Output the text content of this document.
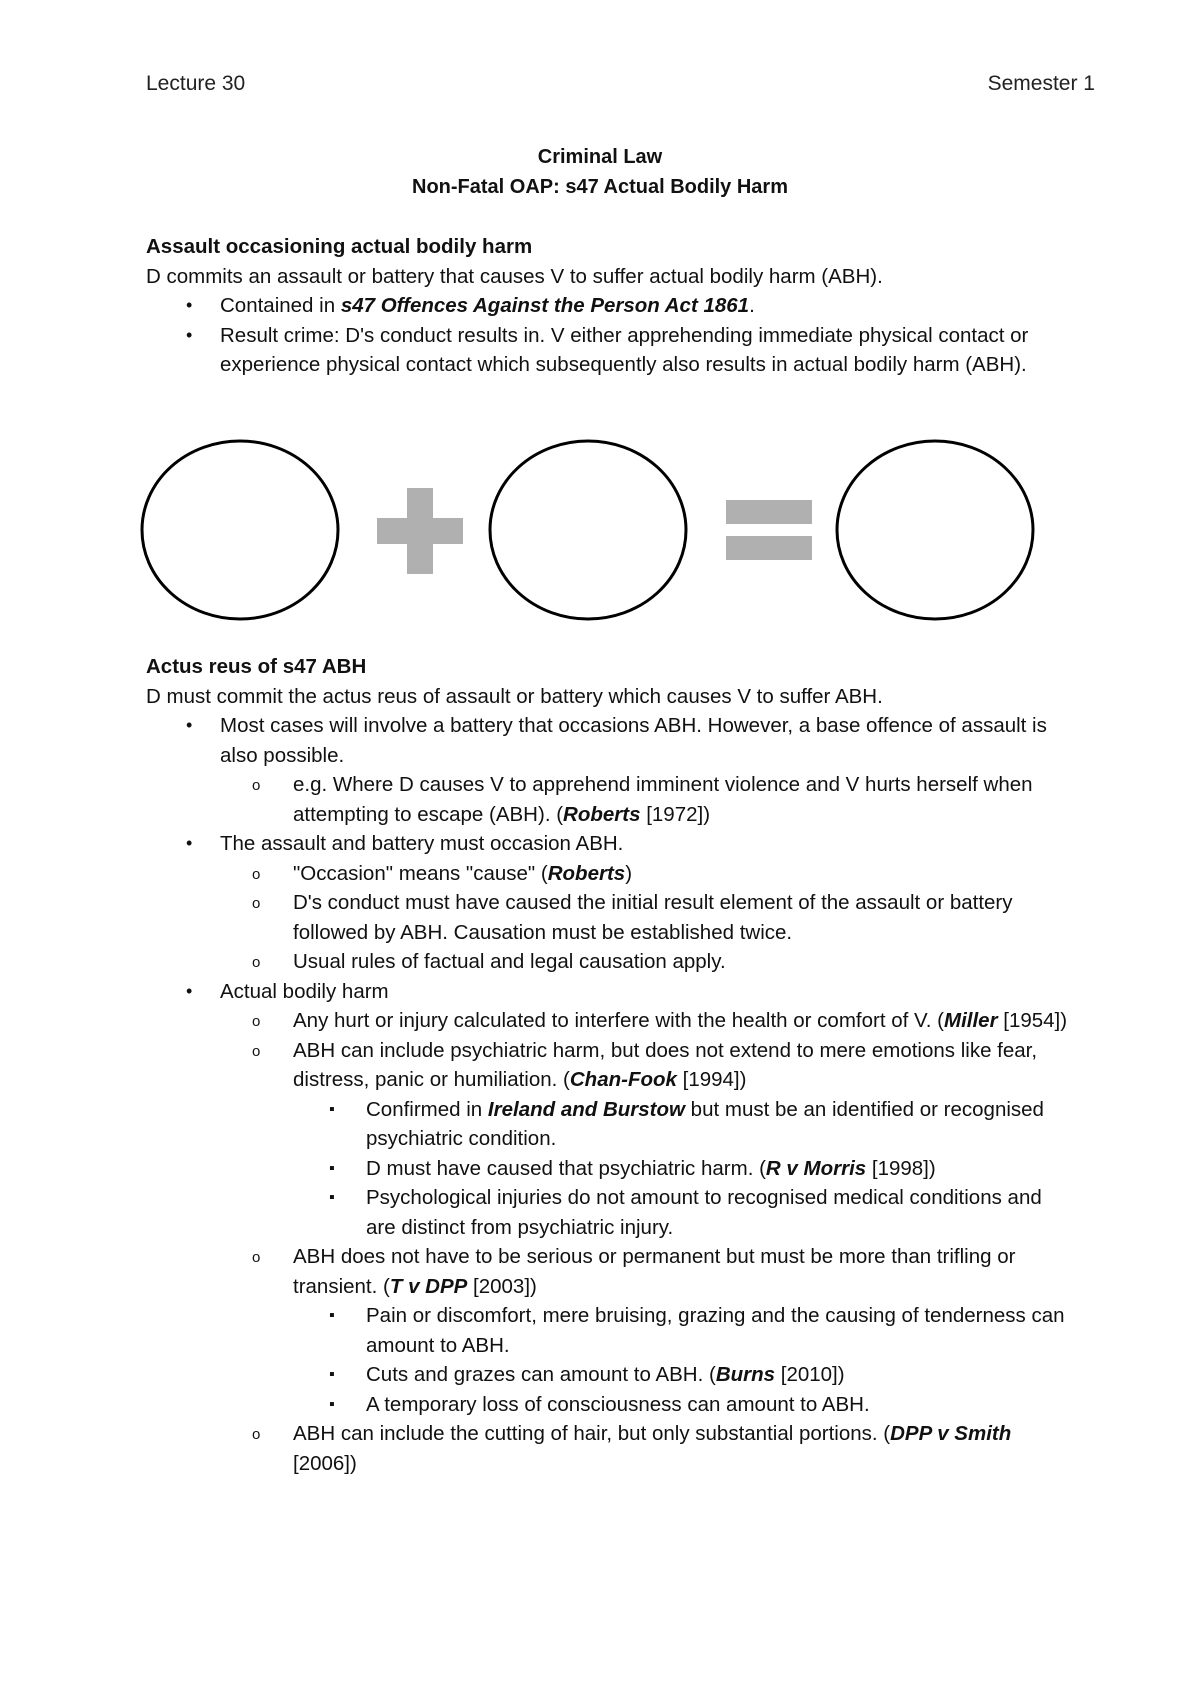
Lecture 30	Semester 1
Criminal Law
Non-Fatal OAP: s47 Actual Bodily Harm

Assault occasioning actual bodily harm

D commits an assault or battery that causes V to suffer actual bodily harm (ABH).

• Contained in s47 Offences Against the Person Act 1861.
• Result crime: D's conduct results in. V either apprehending immediate physical contact or experience physical contact which subsequently also results in actual bodily harm (ABH).

Actus reus of s47 ABH

D must commit the actus reus of assault or battery which causes V to suffer ABH.

• Most cases will involve a battery that occasions ABH. However, a base offence of assault is also possible.
o e.g. Where D causes V to apprehend imminent violence and V hurts herself when attempting to escape (ABH). (Roberts [1972])
• The assault and battery must occasion ABH.
o "Occasion" means "cause" (Roberts)
o D's conduct must have caused the initial result element of the assault or battery followed by ABH. Causation must be established twice.
o Usual rules of factual and legal causation apply.
• Actual bodily harm
o Any hurt or injury calculated to interfere with the health or comfort of V. (Miller [1954])
o ABH can include psychiatric harm, but does not extend to mere emotions like fear, distress, panic or humiliation. (Chan-Fook [1994])
▪ Confirmed in Ireland and Burstow but must be an identified or recognised psychiatric condition.
▪ D must have caused that psychiatric harm. (R v Morris [1998])
▪ Psychological injuries do not amount to recognised medical conditions and are distinct from psychiatric injury.
o ABH does not have to be serious or permanent but must be more than trifling or transient. (T v DPP [2003])
▪ Pain or discomfort, mere bruising, grazing and the causing of tenderness can amount to ABH.
▪ Cuts and grazes can amount to ABH. (Burns [2010])
▪ A temporary loss of consciousness can amount to ABH.
o ABH can include the cutting of hair, but only substantial portions. (DPP v Smith [2006])
